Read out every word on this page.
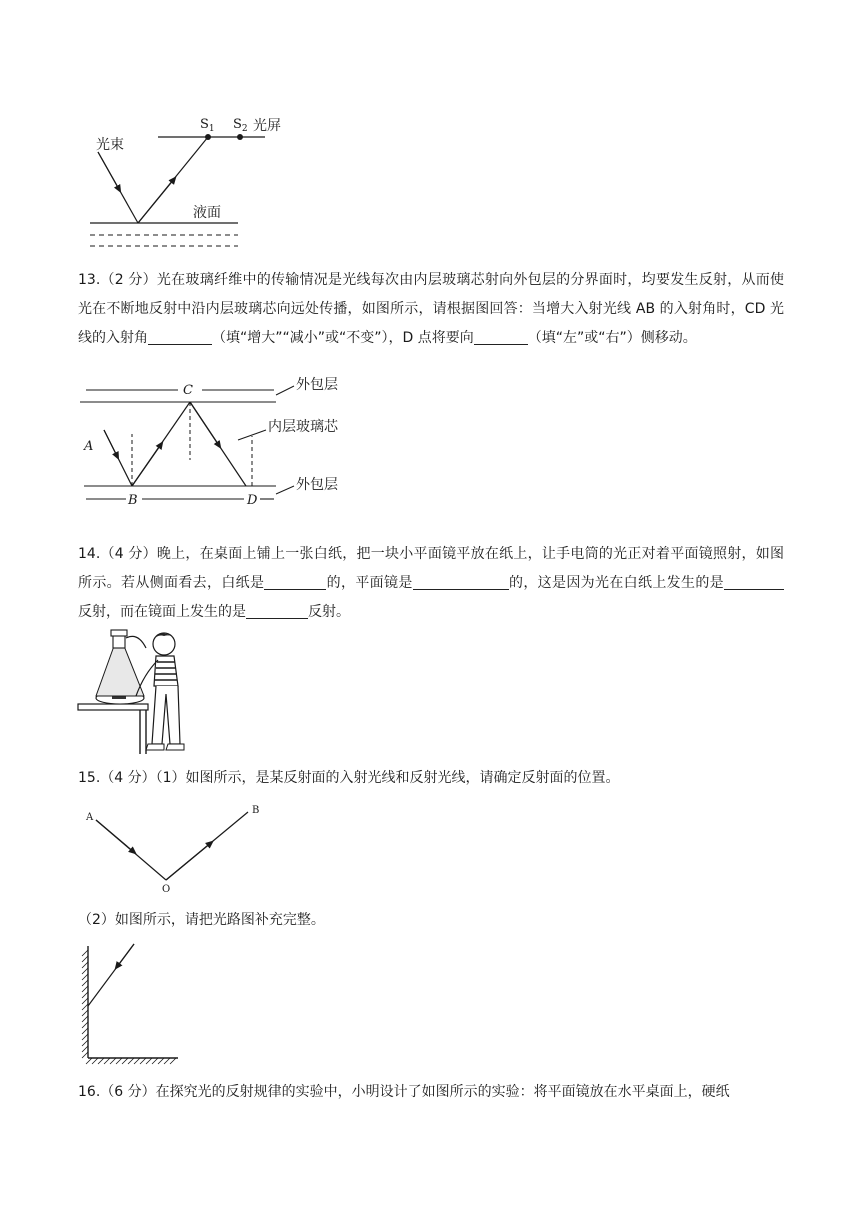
$S_1$ $S_2$ 光屏
光束
液面

13.（2 分）光在玻璃纤维中的传输情况是光线每次由内层玻璃芯射向外包层的分界面时，均要发生反射，从而使光在不断地反射中沿内层玻璃芯向远处传播，如图所示，请根据图回答：当增大入射光线 AB 的入射角时，CD 光线的入射角	（填“增大”“减小”或“不变”），D 点将要向	（填“左”或“右”）侧移动。

C	外包层
B	D
外包层
A
内层玻璃芯

14.（4 分）晚上，在桌面上铺上一张白纸，把一块小平面镜平放在纸上，让手电筒的光正对着平面镜照射，如图所示。若从侧面看去，白纸是	的，平面镜是	的，这是因为光在白纸上发生的是反射，而在镜面上发生的是	反射。

15.（4 分）（1）如图所示，是某反射面的入射光线和反射光线，请确定反射面的位置。

A
B
O

（2）如图所示，请把光路图补充完整。

16.（6 分）在探究光的反射规律的实验中，小明设计了如图所示的实验：将平面镜放在水平桌面上，硬纸
